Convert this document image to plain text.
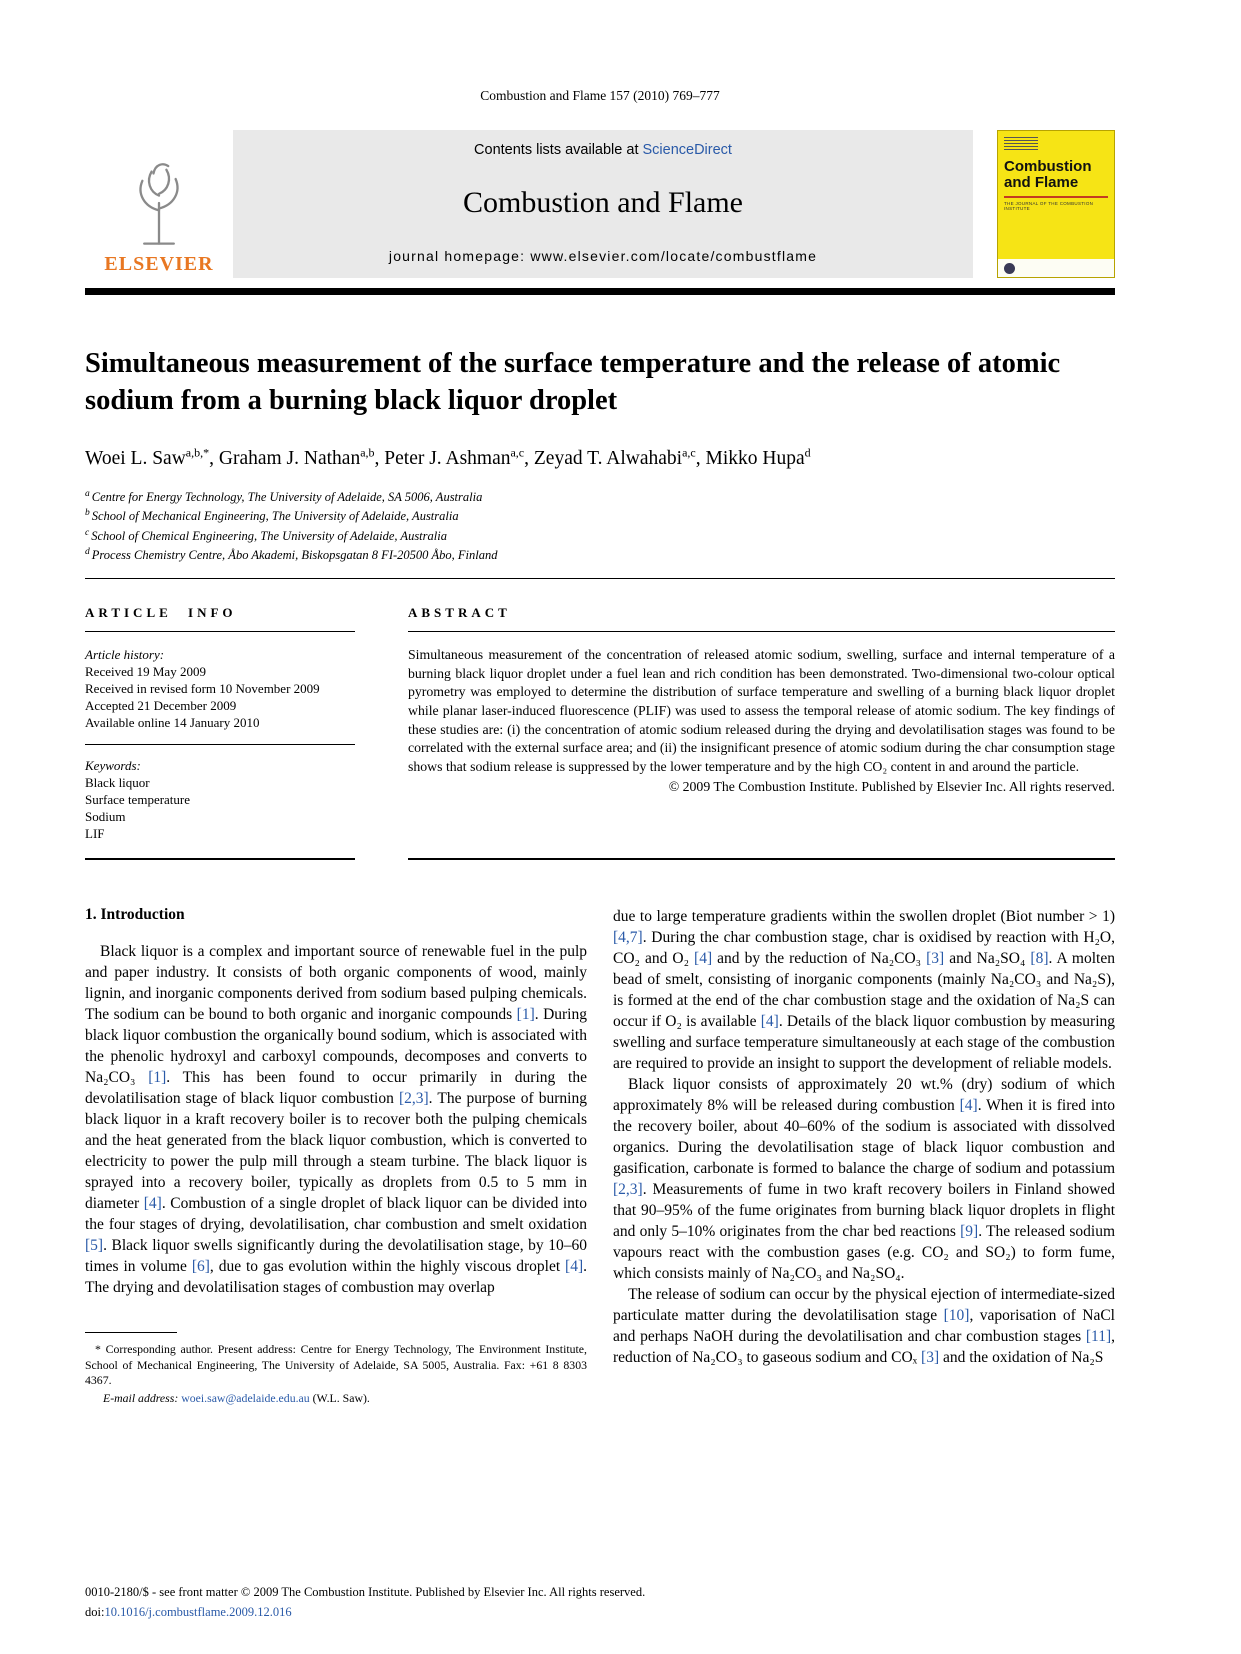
Combustion and Flame 157 (2010) 769–777
ELSEVIER
Contents lists available at ScienceDirect
Combustion and Flame
journal homepage: www.elsevier.com/locate/combustflame
Combustion and Flame
THE JOURNAL OF THE COMBUSTION INSTITUTE
Simultaneous measurement of the surface temperature and the release of atomic sodium from a burning black liquor droplet
Woei L. Saw$^{a,b,*}$ , Graham J. Nathan$^{a,b}$ , Peter J. Ashman$^{a,c}$ , Zeyad T. Alwahabi$^{a,c}$ , Mikko Hupa$^d$
$^a$ Centre for Energy Technology, The University of Adelaide, SA 5006, Australia
$^b$ School of Mechanical Engineering, The University of Adelaide, Australia
$^c$ School of Chemical Engineering, The University of Adelaide, Australia
$^d$ Process Chemistry Centre, Åbo Akademi, Biskopsgatan 8 FI-20500 Åbo, Finland
ARTICLE INFO
Article history:
Received 19 May 2009
Received in revised form 10 November 2009
Accepted 21 December 2009
Available online 14 January 2010
Keywords:
Black liquor
Surface temperature
Sodium
LIF
ABSTRACT

Simultaneous measurement of the concentration of released atomic sodium, swelling, surface and internal temperature of a burning black liquor droplet under a fuel lean and rich condition has been demonstrated. Two-dimensional two-colour optical pyrometry was employed to determine the distribution of surface temperature and swelling of a burning black liquor droplet while planar laser-induced fluorescence (PLIF) was used to assess the temporal release of atomic sodium. The key findings of these studies are: (i) the concentration of atomic sodium released during the drying and devolatilisation stages was found to be correlated with the external surface area; and (ii) the insignificant presence of atomic sodium during the char consumption stage shows that sodium release is suppressed by the lower temperature and by the high CO₂ content in and around the particle.

© 2009 The Combustion Institute. Published by Elsevier Inc. All rights reserved.
1. Introduction

Black liquor is a complex and important source of renewable fuel in the pulp and paper industry. It consists of both organic components of wood, mainly lignin, and inorganic components derived from sodium based pulping chemicals. The sodium can be bound to both organic and inorganic compounds [1]. During black liquor combustion the organically bound sodium, which is associated with the phenolic hydroxyl and carboxyl compounds, decomposes and converts to Na₂CO₃ [1]. This has been found to occur primarily in during the devolatilisation stage of black liquor combustion [2,3]. The purpose of burning black liquor in a kraft recovery boiler is to recover both the pulping chemicals and the heat generated from the black liquor combustion, which is converted to electricity to power the pulp mill through a steam turbine. The black liquor is sprayed into a recovery boiler, typically as droplets from 0.5 to 5 mm in diameter [4]. Combustion of a single droplet of black liquor can be divided into the four stages of drying, devolatilisation, char combustion and smelt oxidation [5]. Black liquor swells significantly during the devolatilisation stage, by 10–60 times in volume [6], due to gas evolution within the highly viscous droplet [4]. The drying and devolatilisation stages of combustion may overlap

* Corresponding author. Present address: Centre for Energy Technology, The Environment Institute, School of Mechanical Engineering, The University of Adelaide, SA 5005, Australia. Fax: +61 8 8303 4367.

E-mail address: woei.saw@adelaide.edu.au (W.L. Saw).

due to large temperature gradients within the swollen droplet (Biot number > 1) [4,7]. During the char combustion stage, char is oxidised by reaction with H₂O, CO₂ and O₂ [4] and by the reduction of Na₂CO₃ [3] and Na₂SO₄ [8]. A molten bead of smelt, consisting of inorganic components (mainly Na₂CO₃ and Na₂S), is formed at the end of the char combustion stage and the oxidation of Na₂S can occur if O₂ is available [4]. Details of the black liquor combustion by measuring swelling and surface temperature simultaneously at each stage of the combustion are required to provide an insight to support the development of reliable models.

Black liquor consists of approximately 20 wt.% (dry) sodium of which approximately 8% will be released during combustion [4]. When it is fired into the recovery boiler, about 40–60% of the sodium is associated with dissolved organics. During the devolatilisation stage of black liquor combustion and gasification, carbonate is formed to balance the charge of sodium and potassium [2,3]. Measurements of fume in two kraft recovery boilers in Finland showed that 90–95% of the fume originates from burning black liquor droplets in flight and only 5–10% originates from the char bed reactions [9]. The released sodium vapours react with the combustion gases (e.g. CO₂ and SO₂) to form fume, which consists mainly of Na₂CO₃ and Na₂SO₄.

The release of sodium can occur by the physical ejection of intermediate-sized particulate matter during the devolatilisation stage [10], vaporisation of NaCl and perhaps NaOH during the devolatilisation and char combustion stages [11], reduction of Na₂CO₃ to gaseous sodium and COₓ [3] and the oxidation of Na₂S

0010-2180/$ - see front matter © 2009 The Combustion Institute. Published by Elsevier Inc. All rights reserved.
doi:10.1016/j.combustflame.2009.12.016
